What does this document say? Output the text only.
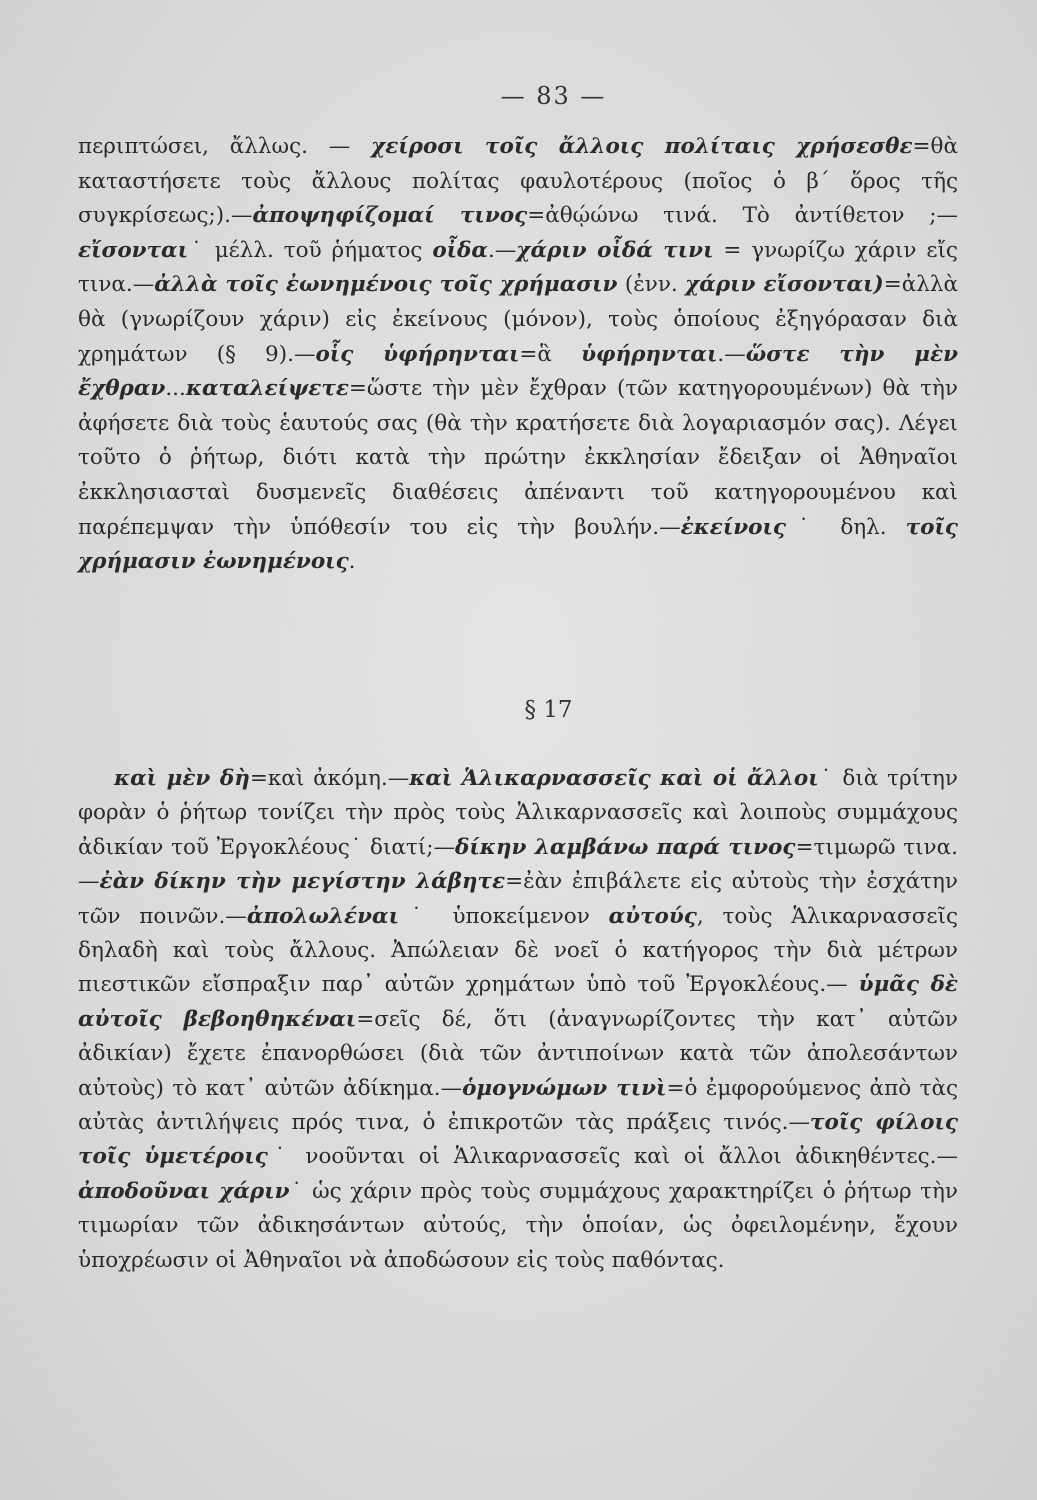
— 83 —

περιπτώσει, ἄλλως. — χείροσι τοῖς ἄλλοις πολίταις χρήσεσθε=θὰ καταστήσετε τοὺς ἄλλους πολίτας φαυλοτέρους (ποῖος ὁ β΄ ὅρος τῆς συγκρίσεως;).—ἀποψηφίζομαί τινος=ἀθῴώνω τινά. Τὸ ἀντίθετον ;—εἴσονται˙ μέλλ. τοῦ ῥήματος οἶδα.—χάριν οἶδά τινι = γνωρίζω χάριν εἴς τινα.—ἀλλὰ τοῖς ἐωνημένοις τοῖς χρήμασιν (ἐνν. χάριν εἴσονται)=ἀλλὰ θὰ (γνωρίζουν χάριν) εἰς ἐκείνους (μόνον), τοὺς ὁποίους ἐξηγόρασαν διὰ χρημάτων (§ 9).—οἷς ὑφήρηνται=ἃ ὑφήρηνται.—ὥστε τὴν μὲν ἔχθραν...καταλείψετε=ὥστε τὴν μὲν ἔχθραν (τῶν κατηγορουμένων) θὰ τὴν ἀφήσετε διὰ τοὺς ἑαυτούς σας (θὰ τὴν κρατήσετε διὰ λογαριασμόν σας). Λέγει τοῦτο ὁ ῥήτωρ, διότι κατὰ τὴν πρώτην ἐκκλησίαν ἔδειξαν οἱ Ἀθηναῖοι ἐκκλησιασταὶ δυσμενεῖς διαθέσεις ἀπέναντι τοῦ κατηγορουμένου καὶ παρέπεμψαν τὴν ὑπόθεσίν του εἰς τὴν βουλήν.—ἐκείνοις˙ δηλ. τοῖς χρήμασιν ἐωνημένοις.

§ 17

καὶ μὲν δὴ=καὶ ἀκόμη.—καὶ Ἁλικαρνασσεῖς καὶ οἱ ἄλλοι˙ διὰ τρίτην φορὰν ὁ ῥήτωρ τονίζει τὴν πρὸς τοὺς Ἁλικαρνασσεῖς καὶ λοιποὺς συμμάχους ἀδικίαν τοῦ Ἐργοκλέους˙ διατί;—δίκην λαμβάνω παρά τινος=τιμωρῶ τινα.—ἐὰν δίκην τὴν μεγίστην λάβητε=ἐὰν ἐπιβάλετε εἰς αὐτοὺς τὴν ἐσχάτην τῶν ποινῶν.—ἀπολωλέναι˙ ὑποκείμενον αὐτούς, τοὺς Ἁλικαρνασσεῖς δηλαδὴ καὶ τοὺς ἄλλους. Ἀπώλειαν δὲ νοεῖ ὁ κατήγορος τὴν διὰ μέτρων πιεστικῶν εἴσπραξιν παρ᾽ αὐτῶν χρημάτων ὑπὸ τοῦ Ἐργοκλέους.— ὑμᾶς δὲ αὐτοῖς βεβοηθηκέναι=σεῖς δέ, ὅτι (ἀναγνωρίζοντες τὴν κατ᾽ αὐτῶν ἀδικίαν) ἔχετε ἐπανορθώσει (διὰ τῶν ἀντιποίνων κατὰ τῶν ἀπολεσάντων αὐτοὺς) τὸ κατ᾽ αὐτῶν ἀδίκημα.—ὁμογνώμων τινὶ=ὁ ἐμφορούμενος ἀπὸ τὰς αὐτὰς ἀντιλήψεις πρός τινα, ὁ ἐπικροτῶν τὰς πράξεις τινός.—τοῖς φίλοις τοῖς ὑμετέροις˙ νοοῦνται οἱ Ἁλικαρνασσεῖς καὶ οἱ ἄλλοι ἀδικηθέντες.—ἀποδοῦναι χάριν˙ ὡς χάριν πρὸς τοὺς συμμάχους χαρακτηρίζει ὁ ῥήτωρ τὴν τιμωρίαν τῶν ἀδικησάντων αὐτούς, τὴν ὁποίαν, ὡς ὀφειλομένην, ἔχουν ὑποχρέωσιν οἱ Ἀθηναῖοι νὰ ἀποδώσουν εἰς τοὺς παθόντας.
